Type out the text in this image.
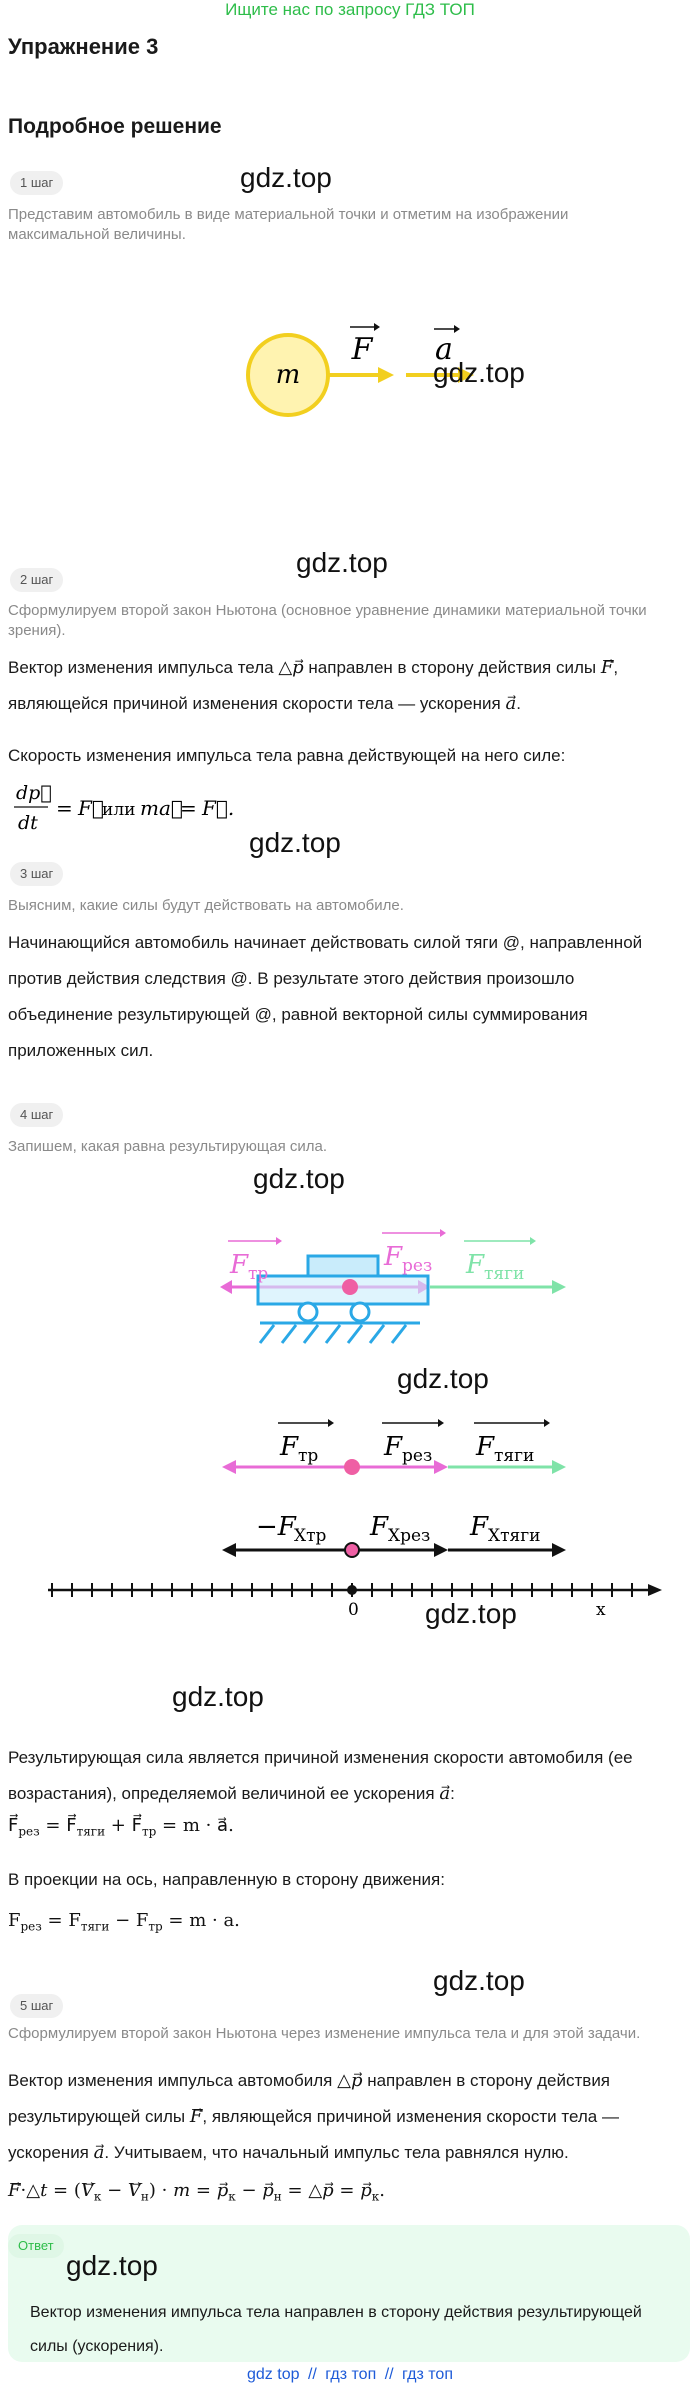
Ищите нас по запросу ГДЗ ТОП
Упражнение 3
Подробное решение
1 шаг	gdz.top
Представим автомобиль в виде материальной точки и отметим на изображении максимальной величины.
m
F a
gdz.top
gdz.top
2 шаг
Сформулируем второй закон Ньютона (основное уравнение динамики материальной точки зрения).
Вектор изменения импульса тела △p направлен в сторону действия силы F, являющейся причиной изменения скорости тела — ускорения a.
Скорость изменения импульса тела равна действующей на него силе:
dp⃗
dt
= F⃗
или ma⃗
= F⃗.
gdz.top
3 шаг
Выясним, какие силы будут действовать на автомобиле.
Начинающийся автомобиль начинает действовать силой тяги @, направленной против действия следствия @. В результате этого действия произошло объединение результирующей @, равной векторной силы суммирования приложенных сил.
4 шаг
Запишем, какая равна результирующая сила.
gdz.top
F тр
F рез F тяги
gdz.top
F тр	F рез F тяги
−F
Xтр F Xрез F Xтяги
0	x
gdz.top
gdz.top
Результирующая сила является причиной изменения скорости автомобиля (ее возрастания), определяемой величиной ее ускорения a:
$F⃗_{рез}$ = $F⃗_{тяги}$ + $F⃗_{тр} = m$ · a⃗.
В проекции на ось, направленную в сторону движения:
$F_{рез} = F_{тяги} - F_{тр} = m \cdot a$.
gdz.top
5 шаг
Сформулируем второй закон Ньютона через изменение импульса тела и для этой задачи.
Вектор изменения импульса автомобиля △p направлен в сторону действия результирующей силы F, являющейся причиной изменения скорости тела — ускорения a. Учитываем, что начальный импульс тела равнялся нулю.
F⃗·△t = $(V_к - V_н) \cdot m = p_к - p_н$ = △p⃗ = $p_к$.
Ответ
gdz.top
Вектор изменения импульса тела направлен в сторону действия результирующей силы (ускорения).
gdz top // гдз топ // гдз топ
